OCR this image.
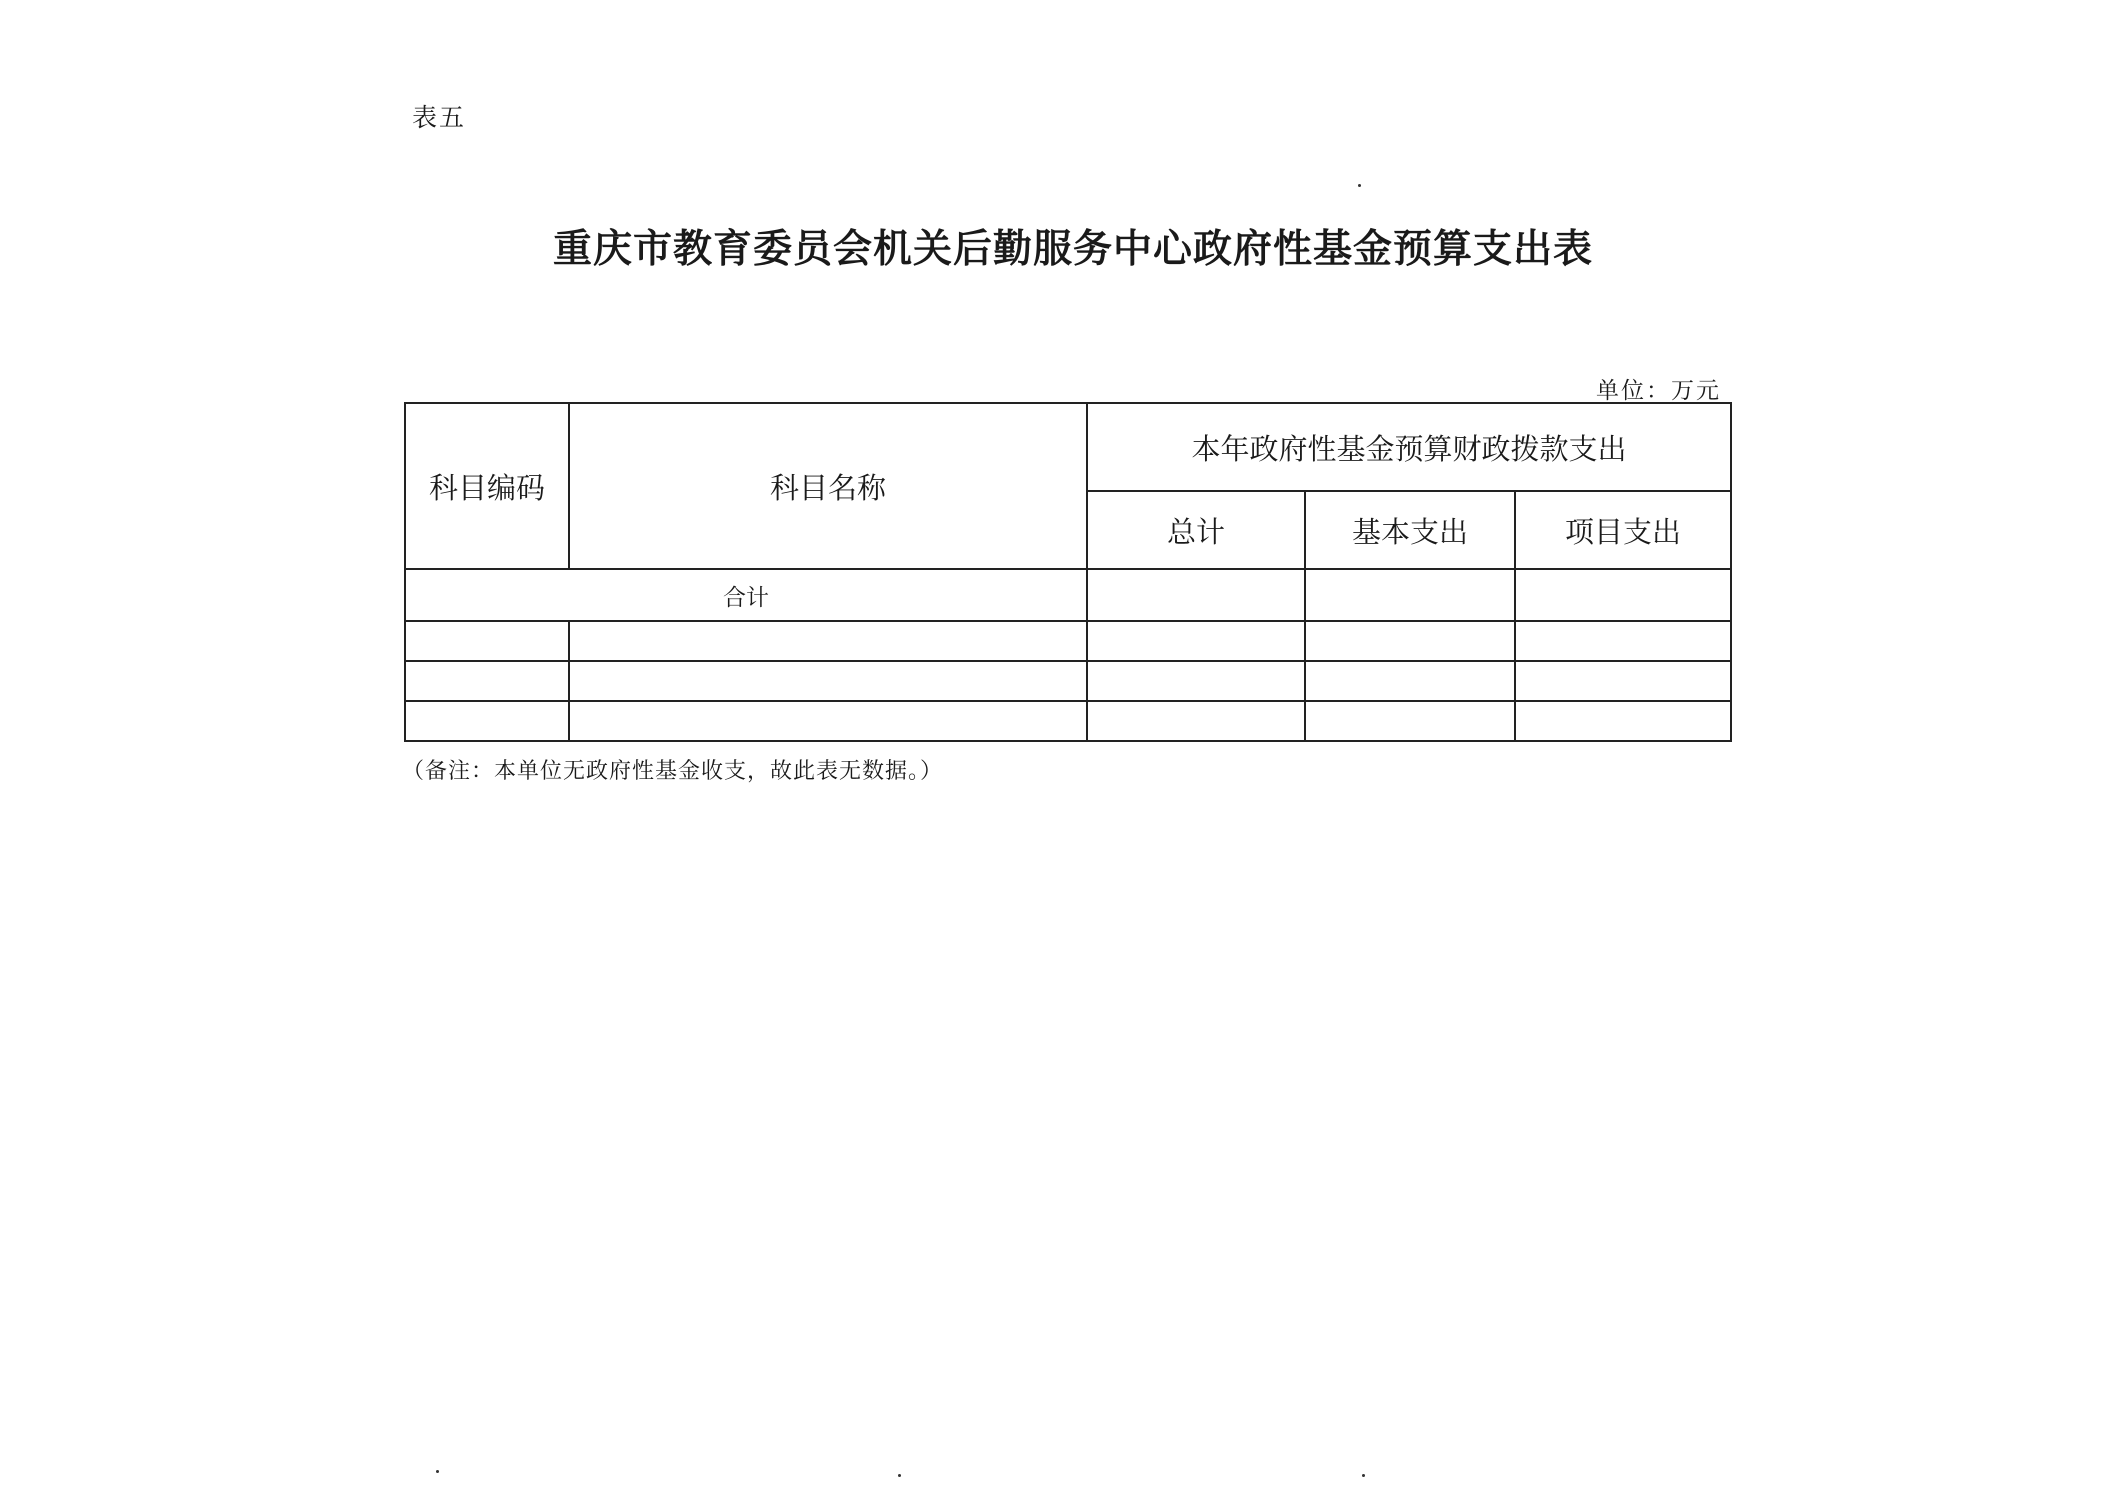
表五
重庆市教育委员会机关后勤服务中心政府性基金预算支出表
单位：万元
科目编码	科目名称	本年政府性基金预算财政拨款支出		
		总计	基本支出	项目支出
合计				

（备注：本单位无政府性基金收支，故此表无数据。）
